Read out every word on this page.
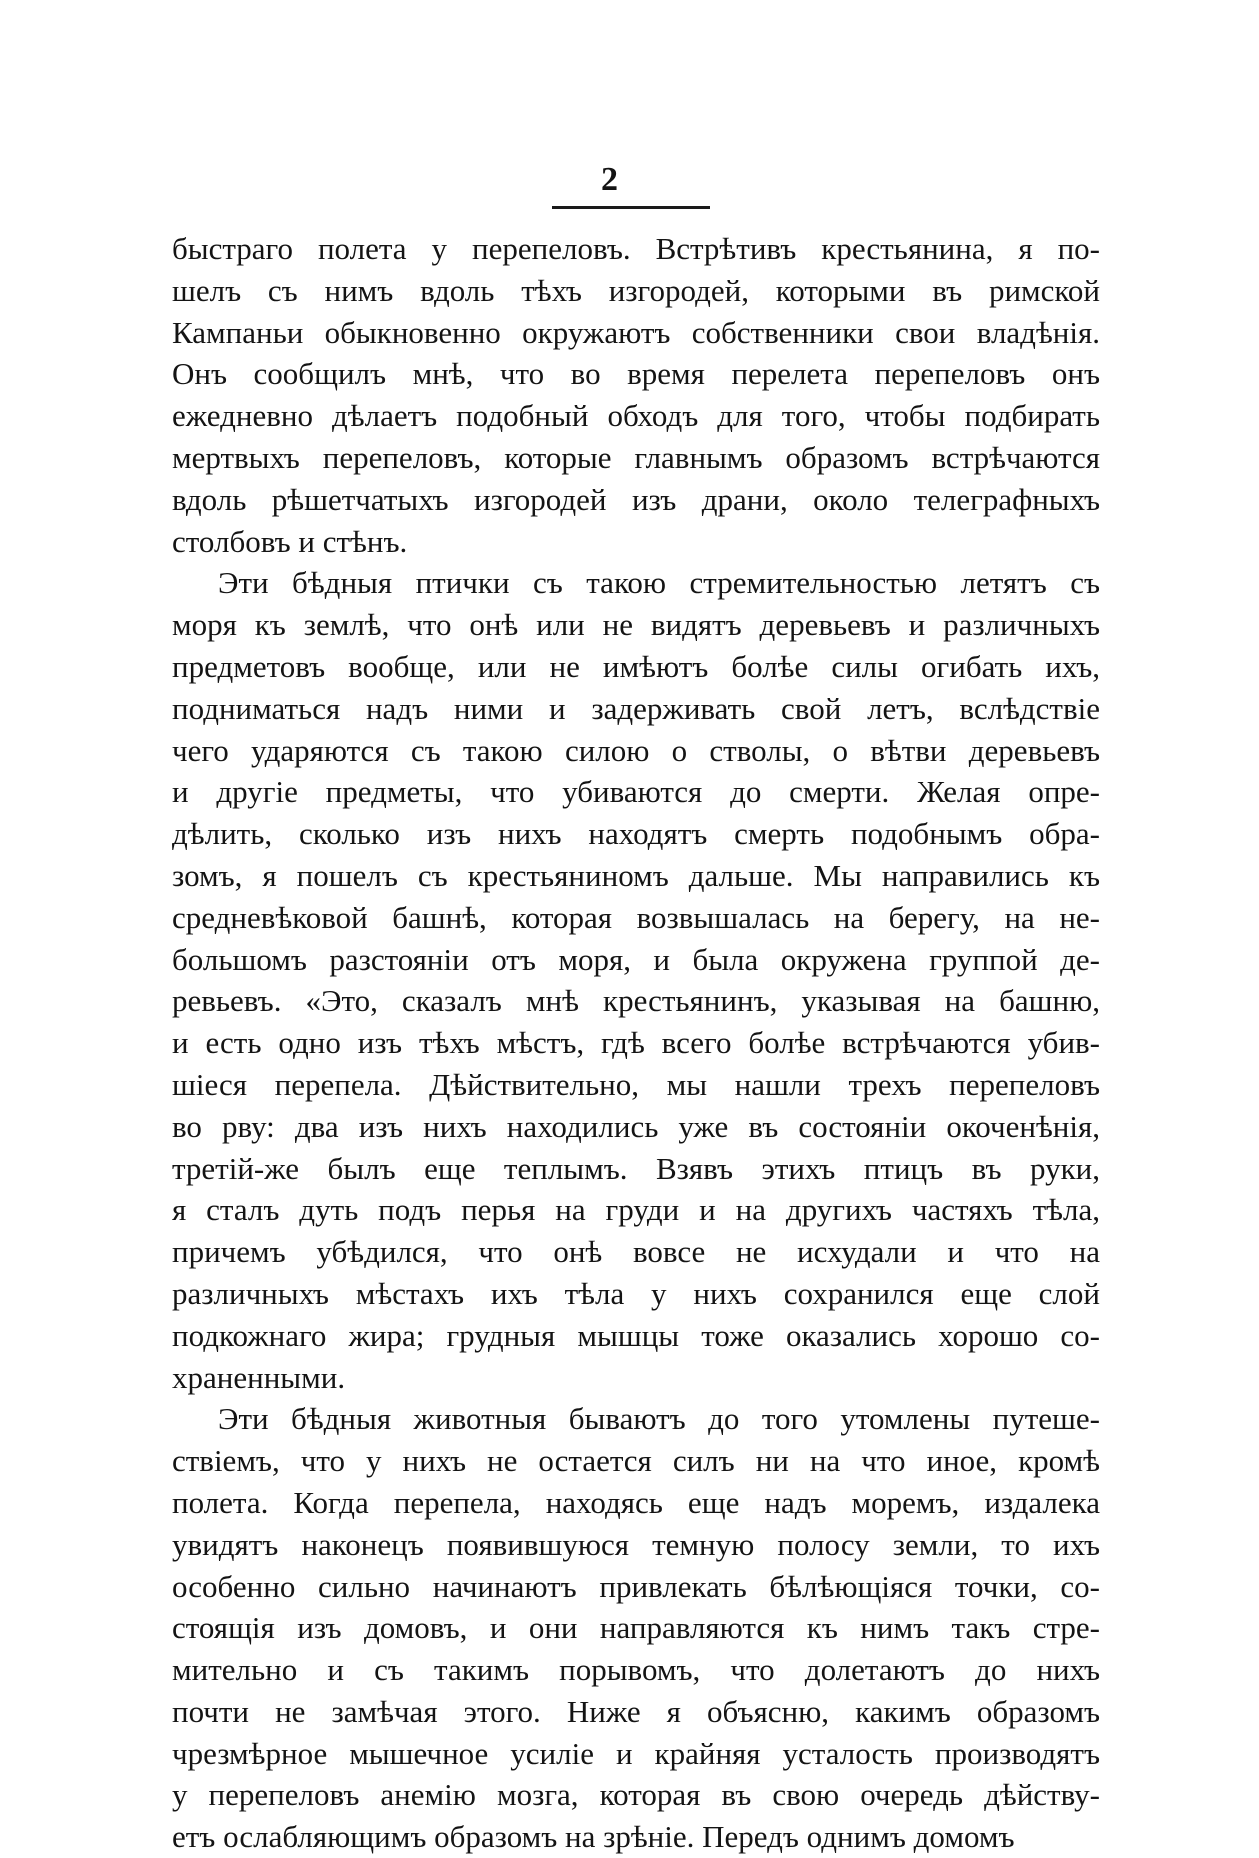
2
быстраго полета у перепеловъ. Встрѣтивъ крестьянина, я по-
шелъ съ нимъ вдоль тѣхъ изгородей, которыми въ римской
Кампаньи обыкновенно окружаютъ собственники свои владѣнія.
Онъ сообщилъ мнѣ, что во время перелета перепеловъ онъ
ежедневно дѣлаетъ подобный обходъ для того, чтобы подбирать
мертвыхъ перепеловъ, которые главнымъ образомъ встрѣчаются
вдоль рѣшетчатыхъ изгородей изъ драни, около телеграфныхъ
столбовъ и стѣнъ.
Эти бѣдныя птички съ такою стремительностью летятъ съ
моря къ землѣ, что онѣ или не видятъ деревьевъ и различныхъ
предметовъ вообще, или не имѣютъ болѣе силы огибать ихъ,
подниматься надъ ними и задерживать свой летъ, вслѣдствіе
чего ударяются съ такою силою о стволы, о вѣтви деревьевъ
и другіе предметы, что убиваются до смерти. Желая опре-
дѣлить, сколько изъ нихъ находятъ смерть подобнымъ обра-
зомъ, я пошелъ съ крестьяниномъ дальше. Мы направились къ
средневѣковой башнѣ, которая возвышалась на берегу, на не-
большомъ разстояніи отъ моря, и была окружена группой де-
ревьевъ. «Это, сказалъ мнѣ крестьянинъ, указывая на башню,
и есть одно изъ тѣхъ мѣстъ, гдѣ всего болѣе встрѣчаются убив-
шіеся перепела. Дѣйствительно, мы нашли трехъ перепеловъ
во рву: два изъ нихъ находились уже въ состояніи окоченѣнія,
третій-же былъ еще теплымъ. Взявъ этихъ птицъ въ руки,
я сталъ дуть подъ перья на груди и на другихъ частяхъ тѣла,
причемъ убѣдился, что онѣ вовсе не исхудали и что на
различныхъ мѣстахъ ихъ тѣла у нихъ сохранился еще слой
подкожнаго жира; грудныя мышцы тоже оказались хорошо со-
храненными.
Эти бѣдныя животныя бываютъ до того утомлены путеше-
ствіемъ, что у нихъ не остается силъ ни на что иное, кромѣ
полета. Когда перепела, находясь еще надъ моремъ, издалека
увидятъ наконецъ появившуюся темную полосу земли, то ихъ
особенно сильно начинаютъ привлекать бѣлѣющіяся точки, со-
стоящія изъ домовъ, и они направляются къ нимъ такъ стре-
мительно и съ такимъ порывомъ, что долетаютъ до нихъ
почти не замѣчая этого. Ниже я объясню, какимъ образомъ
чрезмѣрное мышечное усиліе и крайняя усталость производятъ
у перепеловъ анемію мозга, которая въ свою очередь дѣйству-
етъ ослабляющимъ образомъ на зрѣніе. Передъ однимъ домомъ
